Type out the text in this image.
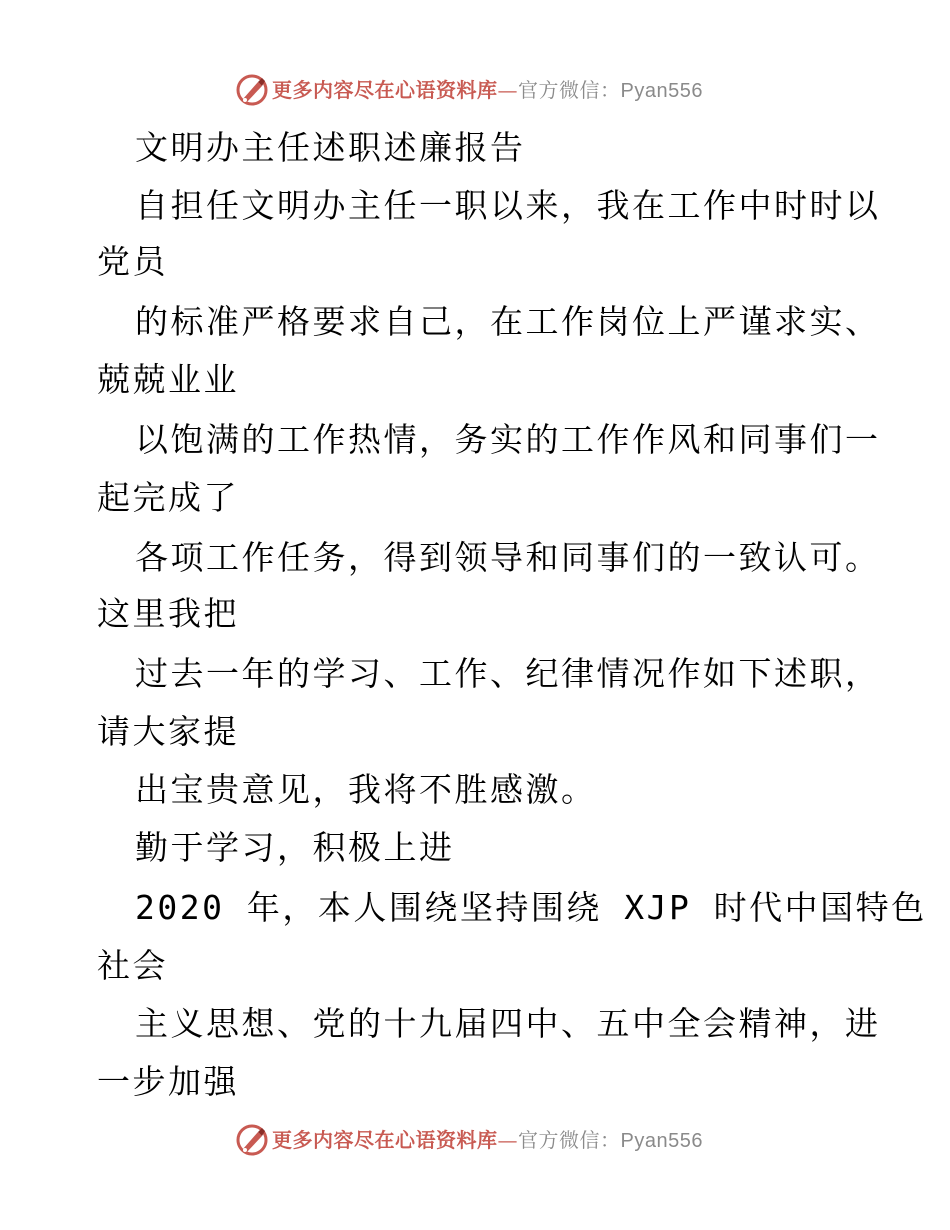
更多内容尽在心语资料库—官方微信：Pyan556
文明办主任述职述廉报告
自担任文明办主任一职以来，我在工作中时时以
党员
的标准严格要求自己，在工作岗位上严谨求实、
兢兢业业
以饱满的工作热情，务实的工作作风和同事们一
起完成了
各项工作任务，得到领导和同事们的一致认可。
这里我把
过去一年的学习、工作、纪律情况作如下述职，
请大家提
出宝贵意见，我将不胜感激。
勤于学习，积极上进
2020 年，本人围绕坚持围绕 XJP 时代中国特色
社会
主义思想、党的十九届四中、五中全会精神，进
一步加强
更多内容尽在心语资料库—官方微信：Pyan556
